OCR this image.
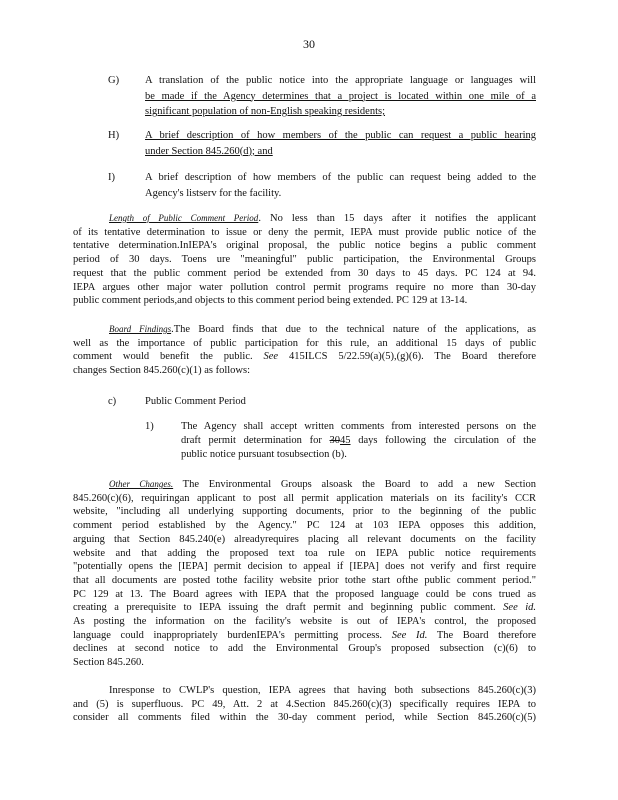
30
G) A translation of the public notice into the appropriate language or languages will
be made if the Agency determines that a project is located within one mile of a
significant population of non-English speaking residents;
H) A brief description of how members of the public can request a public hearing
under Section 845.260(d); and
I)	A brief description of how members of the public can request being added to the
Agency's listserv for the facility.
Length of Public Comment Period. No less than 15 days after it notifies the applicant
of its tentative determination to issue or deny the permit, IEPA must provide public notice of the
tentative determination.InIEPA's original proposal, the public notice begins a public comment
period of 30 days. Toens ure "meaningful" public participation, the Environmental Groups
request that the public comment period be extended from 30 days to 45 days. PC 124 at 94.
IEPA argues other major water pollution control permit programs require no more than 30-day
public comment periods,and objects to this comment period being extended. PC 129 at 13-14.
Board Findings.The Board finds that due to the technical nature of the applications, as
well as the importance of public participation for this rule, an additional 15 days of public
comment would benefit the public. See 415ILCS 5/22.59(a)(5),(g)(6). The Board therefore
changes Section 845.260(c)(1) as follows:
c)	Public Comment Period
1)	The Agency shall accept written comments from interested persons on the
draft permit determination for 3045 days following the circulation of the
public notice pursuant tosubsection (b).
Other Changes. The Environmental Groups alsoask the Board to add a new Section
845.260(c)(6), requiringan applicant to post all permit application materials on its facility's CCR
website, "including all underlying supporting documents, prior to the beginning of the public
comment period established by the Agency." PC 124 at 103 IEPA opposes this addition,
arguing that Section 845.240(e) alreadyrequires placing all relevant documents on the facility
website and that adding the proposed text toa rule on IEPA public notice requirements
"potentially opens the [IEPA] permit decision to appeal if [IEPA] does not verify and first require
that all documents are posted tothe facility website prior tothe start ofthe public comment period."
PC 129 at 13. The Board agrees with IEPA that the proposed language could be cons trued as
creating a prerequisite to IEPA issuing the draft permit and beginning public comment. See id.
As posting the information on the facility's website is out of IEPA's control, the proposed
language could inappropriately burdenIEPA's permitting process. See Id. The Board therefore
declines at second notice to add the Environmental Group's proposed subsection (c)(6) to
Section 845.260.
Inresponse to CWLP's question, IEPA agrees that having both subsections 845.260(c)(3)
and (5) is superfluous. PC 49, Att. 2 at 4.Section 845.260(c)(3) specifically requires IEPA to
consider all comments filed within the 30-day comment period, while Section 845.260(c)(5)
